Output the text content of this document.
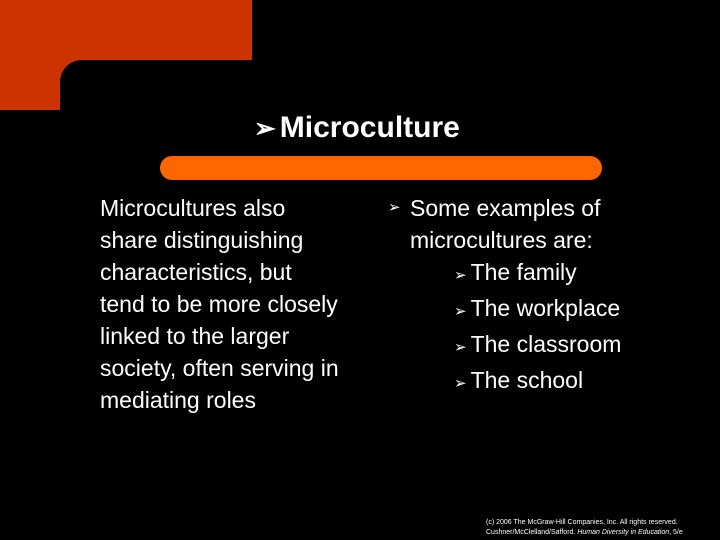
➢ Microculture
Microcultures also share distinguishing characteristics, but tend to be more closely linked to the larger society, often serving in mediating roles
➢ Some examples of microcultures are:
➢ The family
➢ The workplace
➢ The classroom
➢ The school
(c) 2006 The McGraw-Hill Companies, Inc. All rights reserved.
Cushner/McClelland/Safford. Human Diversity in Education, 5/e
